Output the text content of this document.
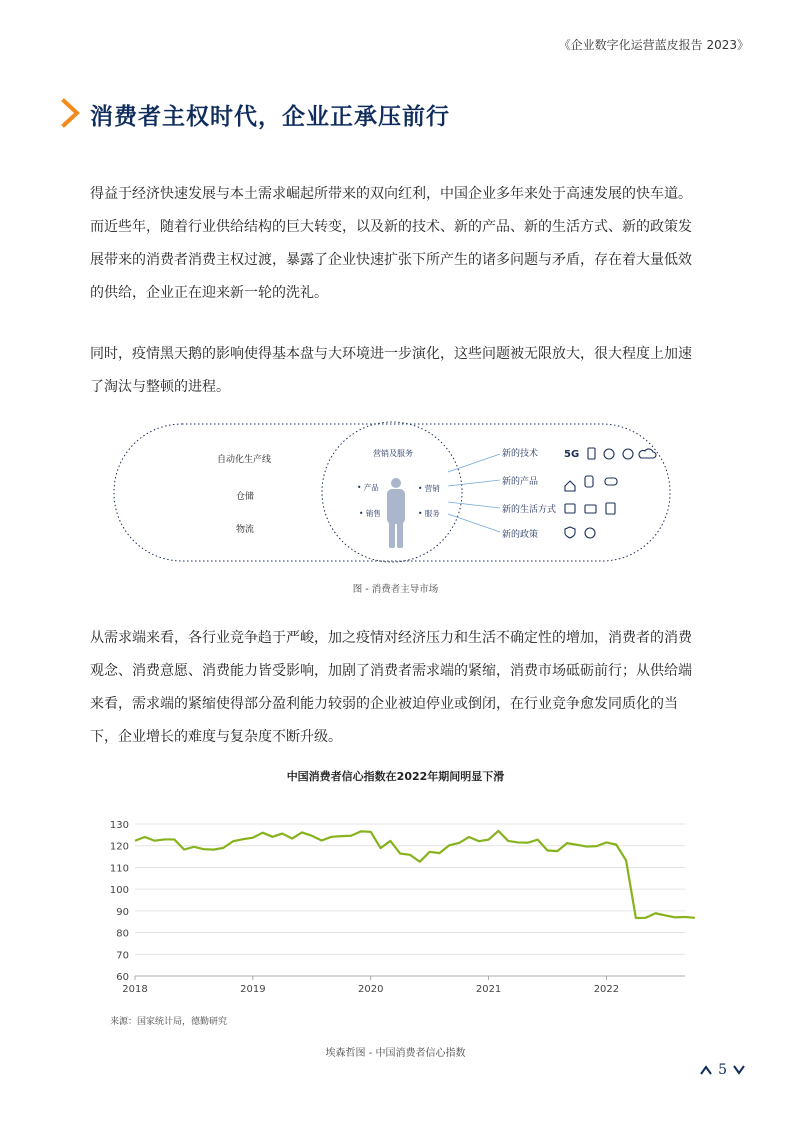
《企业数字化运营蓝皮报告 2023》
消费者主权时代，企业正承压前行

得益于经济快速发展与本土需求崛起所带来的双向红利，中国企业多年来处于高速发展的快车道。而近些年，随着行业供给结构的巨大转变，以及新的技术、新的产品、新的生活方式、新的政策发展带来的消费者消费主权过渡，暴露了企业快速扩张下所产生的诸多问题与矛盾，存在着大量低效的供给，企业正在迎来新一轮的洗礼。

同时，疫情黑天鹅的影响使得基本盘与大环境进一步演化，这些问题被无限放大，很大程度上加速了淘汰与整顿的进程。

自动化生产线
仓储
物流
营销及服务
• 产品	• 营销
• 销售	• 服务
新的技术
新的产品
新的生活方式
新的政策
5G
图 - 消费者主导市场

从需求端来看，各行业竞争趋于严峻，加之疫情对经济压力和生活不确定性的增加，消费者的消费观念、消费意愿、消费能力皆受影响，加剧了消费者需求端的紧缩，消费市场砥砺前行；从供给端来看，需求端的紧缩使得部分盈利能力较弱的企业被迫停业或倒闭，在行业竞争愈发同质化的当下，企业增长的难度与复杂度不断升级。

中国消费者信心指数在2022年期间明显下滑
60
70
80
90
100
110
120
130
2018	2019	2020	2021	2022
来源：国家统计局，德勤研究
埃森哲图 - 中国消费者信心指数
5
